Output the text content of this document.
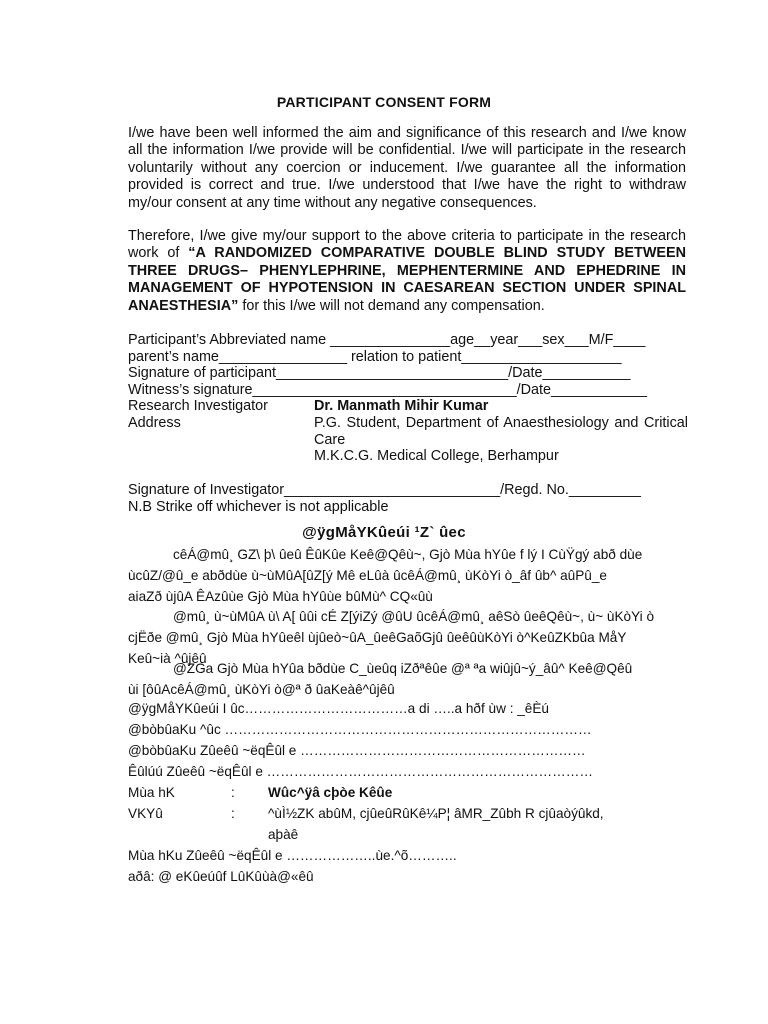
PARTICIPANT CONSENT FORM
I/we have been well informed the aim and significance of this research and I/we know all the information I/we provide will be confidential. I/we will participate in the research voluntarily without any coercion or inducement. I/we guarantee all the information provided is correct and true. I/we understood that I/we have the right to withdraw my/our consent at any time without any negative consequences.
Therefore, I/we give my/our support to the above criteria to participate in the research work of “A RANDOMIZED COMPARATIVE DOUBLE BLIND STUDY BETWEEN THREE DRUGS– PHENYLEPHRINE, MEPHENTERMINE AND EPHEDRINE IN MANAGEMENT OF HYPOTENSION IN CAESAREAN SECTION UNDER SPINAL ANAESTHESIA” for this I/we will not demand any compensation.
Participant’s Abbreviated name _______________age__year___sex___M/F____
parent’s name________________ relation to patient____________________
Signature of participant_____________________________/Date___________
Witness’s signature_________________________________/Date____________
Research Investigator	Dr. Manmath Mihir Kumar
Address	P.G. Student, Department of Anaesthesiology and Critical Care
M.K.C.G. Medical College, Berhampur
Signature of Investigator___________________________/Regd. No._________
N.B Strike off whichever is not applicable
@ÿgMåYKûeúi ¹Z` ûec
cêÁ@mû¸ GZ\ þ\ ûeû ÊûKûe Keê@Qêù~, Gjò Mùa hYûe f lý I CùŸgý abð dùe
ùcûZ/@û_e abðdùe ù~ùMûA[ûZ[ý Mê eLûà ûcêÁ@mû¸ ùKòYi ò_âf ûb^ aûPû_e
aiaZð ùjûA ÊAzûùe Gjò Mùa hYûùe bûMù^ CQ«ûù
@mû¸ ù~ùMûA ù\ A[ ûûi cÉ Z[ýiZý @ûU ûcêÁ@mû¸ aêSò ûeêQêù~, ù~ ùKòYi ò
cjËðe @mû¸ Gjò Mùa hYûeêl ùjûeò~ûA_ûeêGaõGjû ûeêûùKòYi ò^KeûZKbûa MåY
Keû~ià ^ûjêû
@ZGa Gjò Mùa hYûa bðdùe C_ùeûq iZðªêûe @ª ªa wiûjû~ý_âû^ Keê@Qêû
ùi [ôûAcêÁ@mû¸ ùKòYi ò@ª ð ûaKeàê^ûjêû
@ÿgMåYKûeúi I ûc………………………………a di …..a hðf ùw : _êÈú
@bòbûaKu ^ûc ………………………………………………………………………
@bòbûaKu Zûeêû ~ëqÊûl e ………………………………………………………
Êûlúú Zûeêû ~ëqÊûl e ………………………………………………………………
Mùa hK	: Wûc^ÿâ cþòe Kêûe
VKYû	: ^ùÌ½ZK abûM, cjûeûRûKê¼P¦ âMR_Zûbh R cjûaòýûkd,
aþàê
Mùa hKu Zûeêû ~ëqÊûl e ………………..ùe.^õ………..
aðâ: @ eKûeúûf LûKûùà@«êû
